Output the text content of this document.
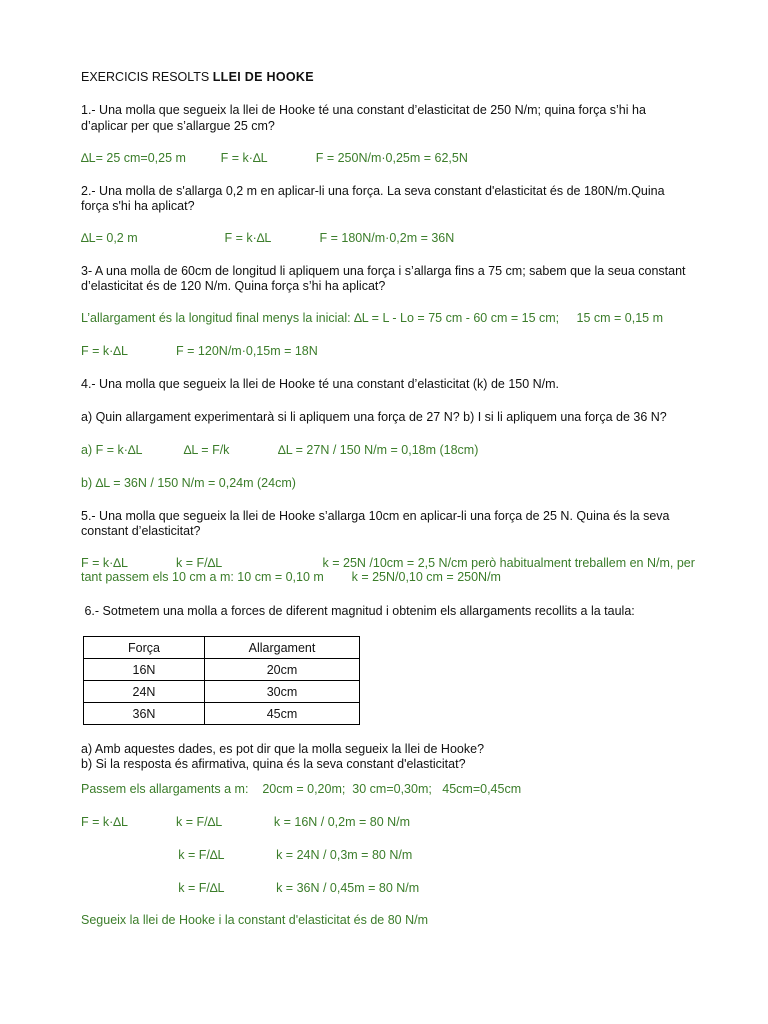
EXERCICIS RESOLTS LLEI DE HOOKE
1.- Una molla que segueix la llei de Hooke té una constant d’elasticitat de 250 N/m; quina força s’hi ha
d’aplicar per que s’allargue 25 cm?
∆L= 25 cm=0,25 m          F = k·∆L              F = 250N/m·0,25m = 62,5N
2.- Una molla de s'allarga 0,2 m en aplicar-li una força. La seva constant d'elasticitat és de 180N/m.Quina
força s'hi ha aplicat?
∆L= 0,2 m                         F = k·∆L              F = 180N/m·0,2m = 36N
3- A una molla de 60cm de longitud li apliquem una força i s’allarga fins a 75 cm; sabem que la seua constant
d’elasticitat és de 120 N/m. Quina força s’hi ha aplicat?
L’allargament és la longitud final menys la inicial: ∆L = L - Lo = 75 cm - 60 cm = 15 cm;     15 cm = 0,15 m
F = k·∆L              F = 120N/m·0,15m = 18N
4.- Una molla que segueix la llei de Hooke té una constant d’elasticitat (k) de 150 N/m.
a) Quin allargament experimentarà si li apliquem una força de 27 N? b) I si li apliquem una força de 36 N?
a) F = k·∆L            ∆L = F/k              ∆L = 27N / 150 N/m = 0,18m (18cm)
b) ∆L = 36N / 150 N/m = 0,24m (24cm)
5.- Una molla que segueix la llei de Hooke s’allarga 10cm en aplicar-li una força de 25 N. Quina és la seva
constant d’elasticitat?
F = k·∆L              k = F/∆L                             k = 25N /10cm = 2,5 N/cm però habitualment treballem en N/m, per
tant passem els 10 cm a m: 10 cm = 0,10 m        k = 25N/0,10 cm = 250N/m
6.- Sotmetem una molla a forces de diferent magnitud i obtenim els allargaments recollits a la taula:
Força	Allargament
16N	20cm
24N	30cm
36N	45cm
a) Amb aquestes dades, es pot dir que la molla segueix la llei de Hooke?
b) Si la resposta és afirmativa, quina és la seva constant d'elasticitat?
Passem els allargaments a m:    20cm = 0,20m;  30 cm=0,30m;   45cm=0,45cm
F = k·∆L              k = F/∆L               k = 16N / 0,2m = 80 N/m
k = F/∆L               k = 24N / 0,3m = 80 N/m
k = F/∆L               k = 36N / 0,45m = 80 N/m
Segueix la llei de Hooke i la constant d'elasticitat és de 80 N/m
